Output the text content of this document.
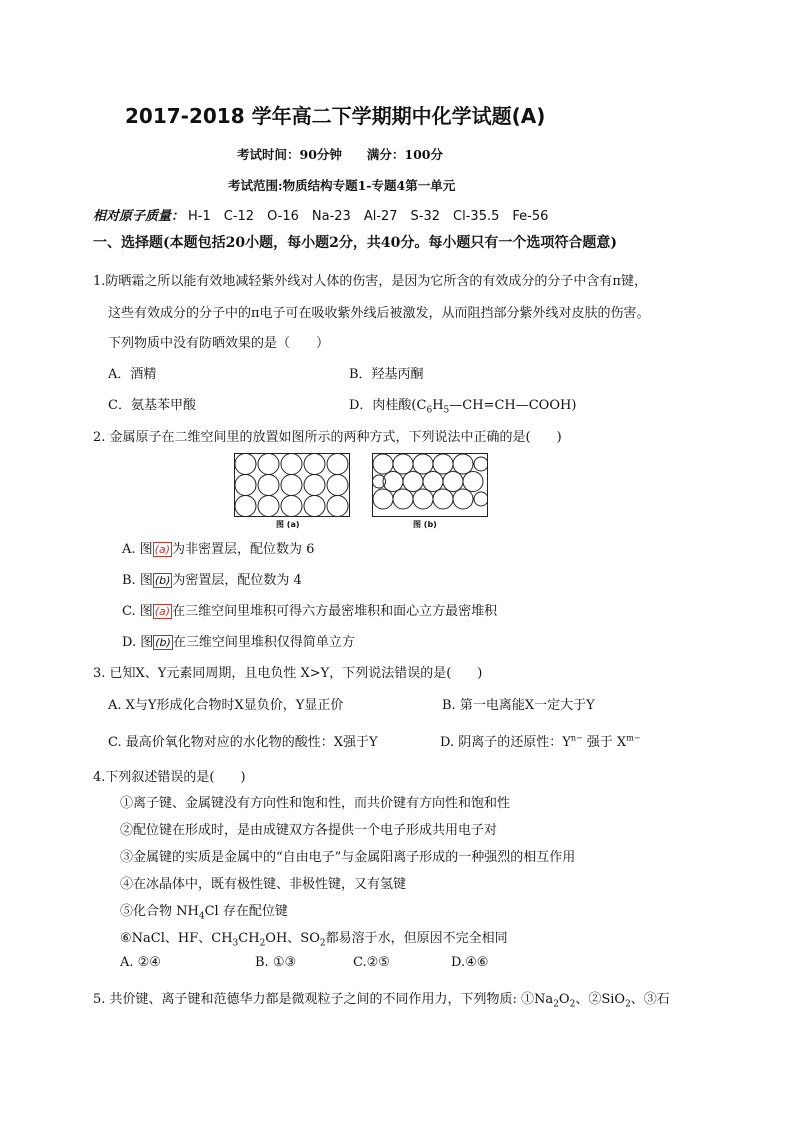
2017-2018 学年高二下学期期中化学试题(A)
考试时间：90分钟　　满分：100分
考试范围:物质结构专题1-专题4第一单元
相对原子质量： H-1　C-12　O-16　Na-23　Al-27　S-32　Cl-35.5　Fe-56
一、选择题(本题包括20小题，每小题2分，共40分。每小题只有一个选项符合题意)
1.防晒霜之所以能有效地减轻紫外线对人体的伤害，是因为它所含的有效成分的分子中含有π键，
这些有效成分的分子中的π电子可在吸收紫外线后被激发，从而阻挡部分紫外线对皮肤的伤害。
下列物质中没有防晒效果的是（　　）
A．酒精	B．羟基丙酮
C．氨基苯甲酸	D．肉桂酸$(C_6H_5—CH=CH—COOH)$
2. 金属原子在二维空间里的放置如图所示的两种方式，下列说法中正确的是(　　)
图 (a)	图 (b)
A. 图 (a) 为非密置层，配位数为 6
B. 图 (b) 为密置层，配位数为 4
C. 图 (a) 在三维空间里堆积可得六方最密堆积和面心立方最密堆积
D. 图 (b) 在三维空间里堆积仅得简单立方
3. 已知X、Y元素同周期，且电负性 X>Y，下列说法错误的是(　　)
A. X与Y形成化合物时X显负价，Y显正价	B. 第一电离能X一定大于Y
C. 最高价氧化物对应的水化物的酸性：X强于Y	D. 阴离子的还原性：$Y^{n-}$ 强于 $X^{m-}$
4.下列叙述错误的是(　　)
①离子键、金属键没有方向性和饱和性，而共价键有方向性和饱和性
②配位键在形成时，是由成键双方各提供一个电子形成共用电子对
③金属键的实质是金属中的“自由电子”与金属阳离子形成的一种强烈的相互作用
④在冰晶体中，既有极性键、非极性键，又有氢键
⑤化合物 $NH_4Cl$ 存在配位键
⑥NaCl、HF、$CH_3CH_2OH$、$SO_2$都易溶于水，但原因不完全相同
A. ②④	B. ①③	C.②⑤	D.④⑥
5. 共价键、离子键和范德华力都是微观粒子之间的不同作用力，下列物质: $①Na_2O_2$、②SiO$_2$、③石
